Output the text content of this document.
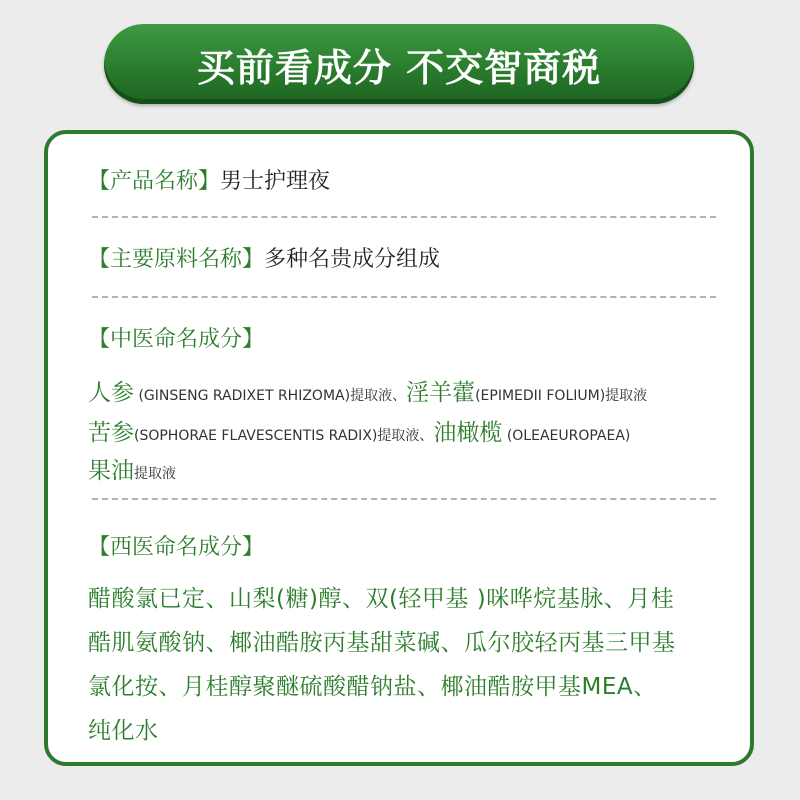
买前看成分 不交智商税
【产品名称】男士护理夜
【主要原料名称】多种名贵成分组成
【中医命名成分】
人参 (GINSENG RADIXET RHIZOMA)提取液、淫羊藿(EPIMEDII FOLIUM)提取液
苦参(SOPHORAE FLAVESCENTIS RADIX)提取液、油橄榄 (OLEAEUROPAEA)
果油提取液
【西医命名成分】
醋酸氯已定、山梨(糖)醇、双(轻甲基 )咪哗烷基脉、月桂
酷肌氨酸钠、椰油酷胺丙基甜菜碱、瓜尔胶轻丙基三甲基
氯化按、月桂醇聚醚硫酸醋钠盐、椰油酷胺甲基MEA、
纯化水
